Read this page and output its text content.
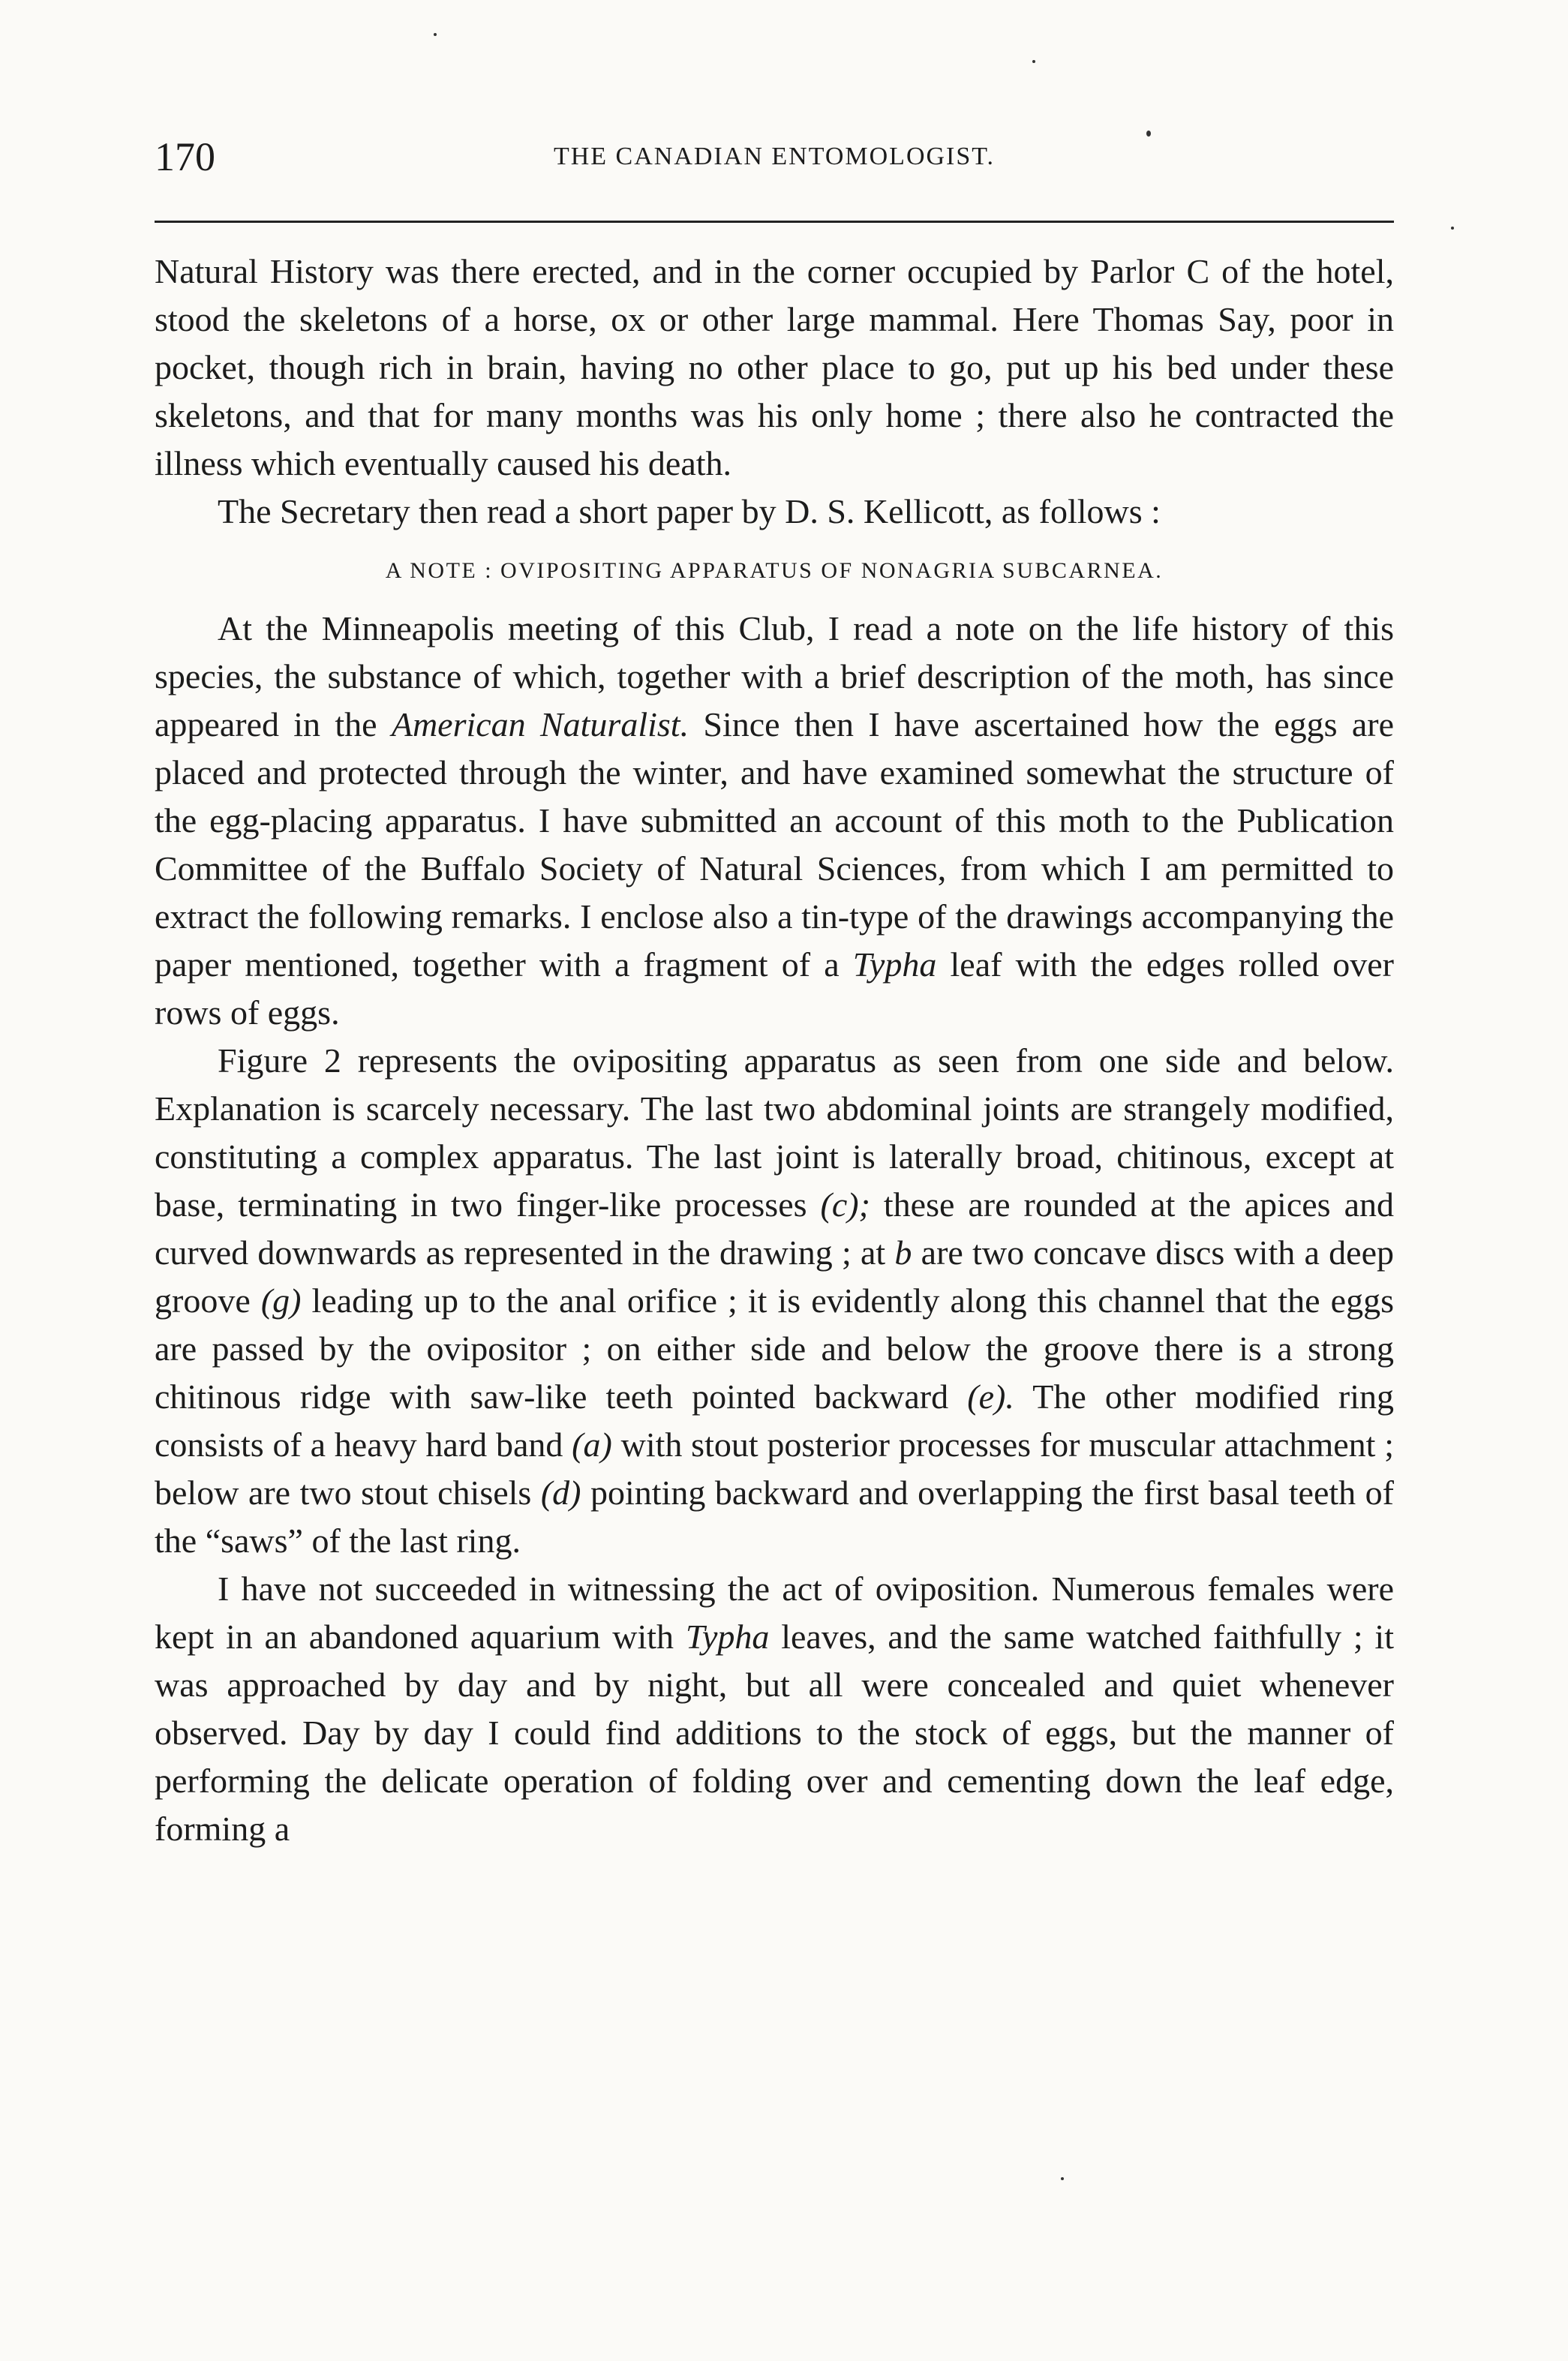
170	THE CANADIAN ENTOMOLOGIST.

Natural History was there erected, and in the corner occupied by Parlor C of the hotel, stood the skeletons of a horse, ox or other large mammal. Here Thomas Say, poor in pocket, though rich in brain, having no other place to go, put up his bed under these skeletons, and that for many months was his only home ; there also he contracted the illness which eventually caused his death.

The Secretary then read a short paper by D. S. Kellicott, as follows :

A NOTE : OVIPOSITING APPARATUS OF NONAGRIA SUBCARNEA.

At the Minneapolis meeting of this Club, I read a note on the life history of this species, the substance of which, together with a brief description of the moth, has since appeared in the American Naturalist. Since then I have ascertained how the eggs are placed and protected through the winter, and have examined somewhat the structure of the egg-placing apparatus. I have submitted an account of this moth to the Publication Committee of the Buffalo Society of Natural Sciences, from which I am permitted to extract the following remarks. I enclose also a tin-type of the drawings accompanying the paper mentioned, together with a fragment of a Typha leaf with the edges rolled over rows of eggs.

Figure 2 represents the ovipositing apparatus as seen from one side and below. Explanation is scarcely necessary. The last two abdominal joints are strangely modified, constituting a complex apparatus. The last joint is laterally broad, chitinous, except at base, terminating in two finger-like processes (c); these are rounded at the apices and curved downwards as represented in the drawing ; at b are two concave discs with a deep groove (g) leading up to the anal orifice ; it is evidently along this channel that the eggs are passed by the ovipositor ; on either side and below the groove there is a strong chitinous ridge with saw-like teeth pointed backward (e). The other modified ring consists of a heavy hard band (a) with stout posterior processes for muscular attachment ; below are two stout chisels (d) pointing backward and overlapping the first basal teeth of the “saws” of the last ring.

I have not succeeded in witnessing the act of oviposition. Numerous females were kept in an abandoned aquarium with Typha leaves, and the same watched faithfully ; it was approached by day and by night, but all were concealed and quiet whenever observed. Day by day I could find additions to the stock of eggs, but the manner of performing the delicate operation of folding over and cementing down the leaf edge, forming a
